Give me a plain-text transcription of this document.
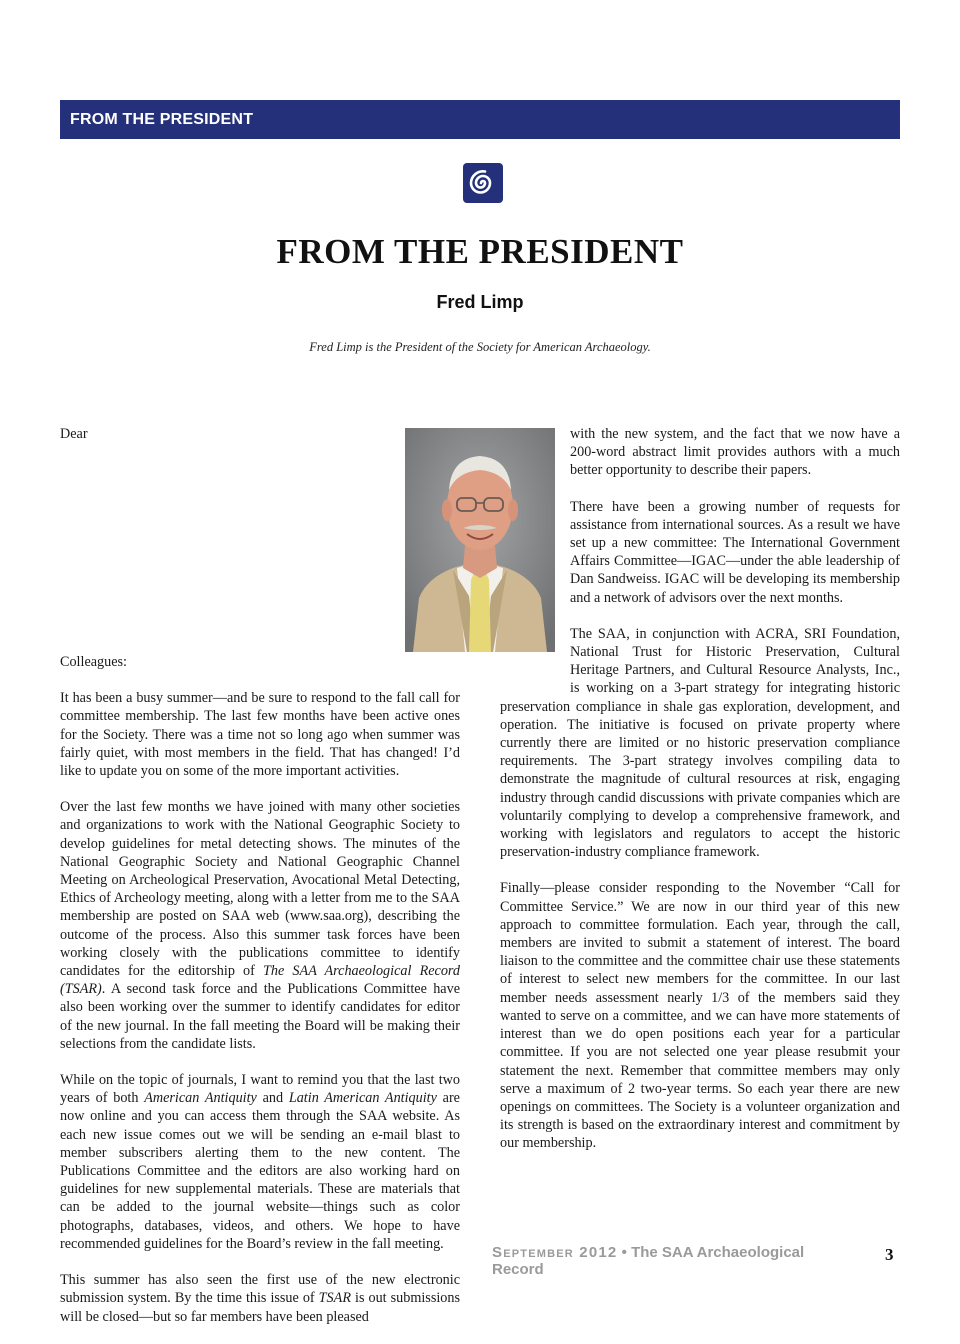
FROM THE PRESIDENT
FROM THE PRESIDENT
Fred Limp
Fred Limp is the President of the Society for American Archaeology.

Dear Colleagues:

It has been a busy summer—and be sure to respond to the fall call for committee membership. The last few months have been active ones for the Society. There was a time not so long ago when summer was fairly quiet, with most members in the field. That has changed! I’d like to update you on some of the more important activities.

Over the last few months we have joined with many other societies and organizations to work with the National Geographic Society to develop guidelines for metal detecting shows. The minutes of the National Geographic Society and National Geographic Channel Meeting on Archeological Preservation, Avocational Metal Detecting, Ethics of Archeology meeting, along with a letter from me to the SAA membership are posted on SAA web (www.saa.org), describing the outcome of the process. Also this summer task forces have been working closely with the publications committee to identify candidates for the editorship of The SAA Archaeological Record (TSAR). A second task force and the Publications Committee have also been working over the summer to identify candidates for editor of the new journal. In the fall meeting the Board will be making their selections from the candidate lists.

While on the topic of journals, I want to remind you that the last two years of both American Antiquity and Latin American Antiquity are now online and you can access them through the SAA website. As each new issue comes out we will be sending an e-mail blast to member subscribers alerting them to the new content. The Publications Committee and the editors are also working hard on guidelines for new supplemental materials. These are materials that can be added to the journal website—things such as color photographs, databases, videos, and others. We hope to have recommended guidelines for the Board’s review in the fall meeting.

This summer has also seen the first use of the new electronic submission system. By the time this issue of TSAR is out submissions will be closed—but so far members have been pleased

with the new system, and the fact that we now have a 200-word abstract limit provides authors with a much better opportunity to describe their papers.

There have been a growing number of requests for assistance from international sources. As a result we have set up a new committee: The International Government Affairs Committee—IGAC—under the able leadership of Dan Sandweiss. IGAC will be developing its membership and a network of advisors over the next months.

The SAA, in conjunction with ACRA, SRI Foundation, National Trust for Historic Preservation, Cultural Heritage Partners, and Cultural Resource Analysts, Inc., is working on a 3-part strategy for integrating historic preservation compliance in shale gas exploration, development, and operation. The initiative is focused on private property where currently there are limited or no historic preservation compliance requirements. The 3-part strategy involves compiling data to demonstrate the magnitude of cultural resources at risk, engaging industry through candid discussions with private companies which are voluntarily complying to develop a comprehensive framework, and working with legislators and regulators to accept the historic preservation-industry compliance framework.

Finally—please consider responding to the November “Call for Committee Service.” We are now in our third year of this new approach to committee formulation. Each year, through the call, members are invited to submit a statement of interest. The board liaison to the committee and the committee chair use these statements of interest to select new members for the committee. In our last member needs assessment nearly 1/3 of the members said they wanted to serve on a committee, and we can have more statements of interest than we do open positions each year for a particular committee. If you are not selected one year please resubmit your statement the next. Remember that committee members may only serve a maximum of 2 two-year terms. So each year there are new openings on committees. The Society is a volunteer organization and its strength is based on the extraordinary interest and commitment by our membership.

September 2012 • The SAA Archaeological Record
3
